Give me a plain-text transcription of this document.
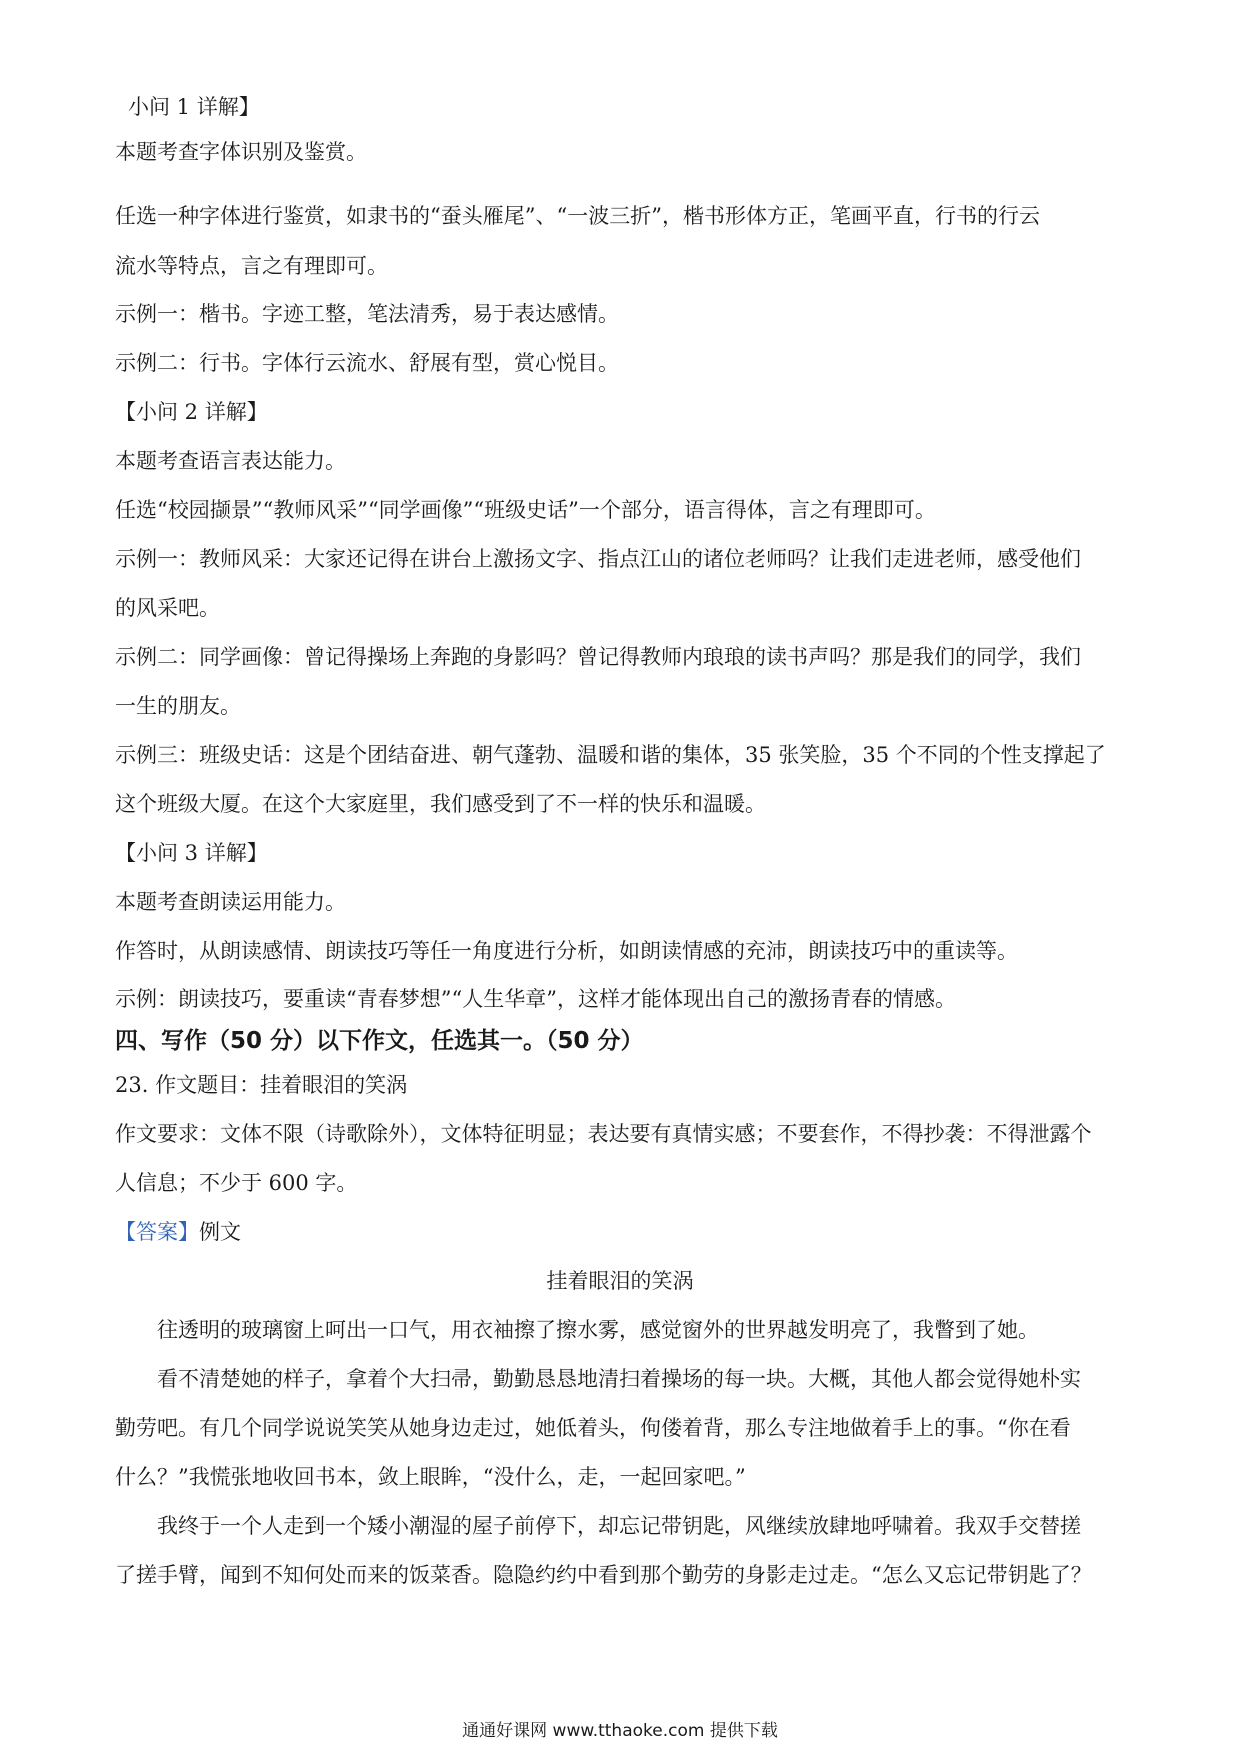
小问 1 详解】

本题考查字体识别及鉴赏。

任选一种字体进行鉴赏，如隶书的“蚕头雁尾”、“一波三折”，楷书形体方正，笔画平直，行书的行云

流水等特点，言之有理即可。

示例一：楷书。字迹工整，笔法清秀，易于表达感情。

示例二：行书。字体行云流水、舒展有型，赏心悦目。

【小问 2 详解】

本题考查语言表达能力。

任选“校园撷景”“教师风采”“同学画像”“班级史话”一个部分，语言得体，言之有理即可。

示例一：教师风采：大家还记得在讲台上激扬文字、指点江山的诸位老师吗？让我们走进老师，感受他们

的风采吧。

示例二：同学画像：曾记得操场上奔跑的身影吗？曾记得教师内琅琅的读书声吗？那是我们的同学，我们

一生的朋友。

示例三：班级史话：这是个团结奋进、朝气蓬勃、温暖和谐的集体，35 张笑脸，35 个不同的个性支撑起了

这个班级大厦。在这个大家庭里，我们感受到了不一样的快乐和温暖。

【小问 3 详解】

本题考查朗读运用能力。

作答时，从朗读感情、朗读技巧等任一角度进行分析，如朗读情感的充沛，朗读技巧中的重读等。

示例：朗读技巧，要重读“青春梦想”“人生华章”，这样才能体现出自己的激扬青春的情感。

四、写作（50 分）以下作文，任选其一。（50 分）

23. 作文题目：挂着眼泪的笑涡

作文要求：文体不限（诗歌除外），文体特征明显；表达要有真情实感；不要套作，不得抄袭：不得泄露个

人信息；不少于 600 字。

【答案】例文

挂着眼泪的笑涡

往透明的玻璃窗上呵出一口气，用衣袖擦了擦水雾，感觉窗外的世界越发明亮了，我瞥到了她。

看不清楚她的样子，拿着个大扫帚，勤勤恳恳地清扫着操场的每一块。大概，其他人都会觉得她朴实

勤劳吧。有几个同学说说笑笑从她身边走过，她低着头，佝偻着背，那么专注地做着手上的事。“你在看

什么？”我慌张地收回书本，敛上眼眸，“没什么，走，一起回家吧。”

我终于一个人走到一个矮小潮湿的屋子前停下，却忘记带钥匙，风继续放肆地呼啸着。我双手交替搓

了搓手臂，闻到不知何处而来的饭菜香。隐隐约约中看到那个勤劳的身影走过走。“怎么又忘记带钥匙了？

通通好课网 www.tthaoke.com 提供下载
